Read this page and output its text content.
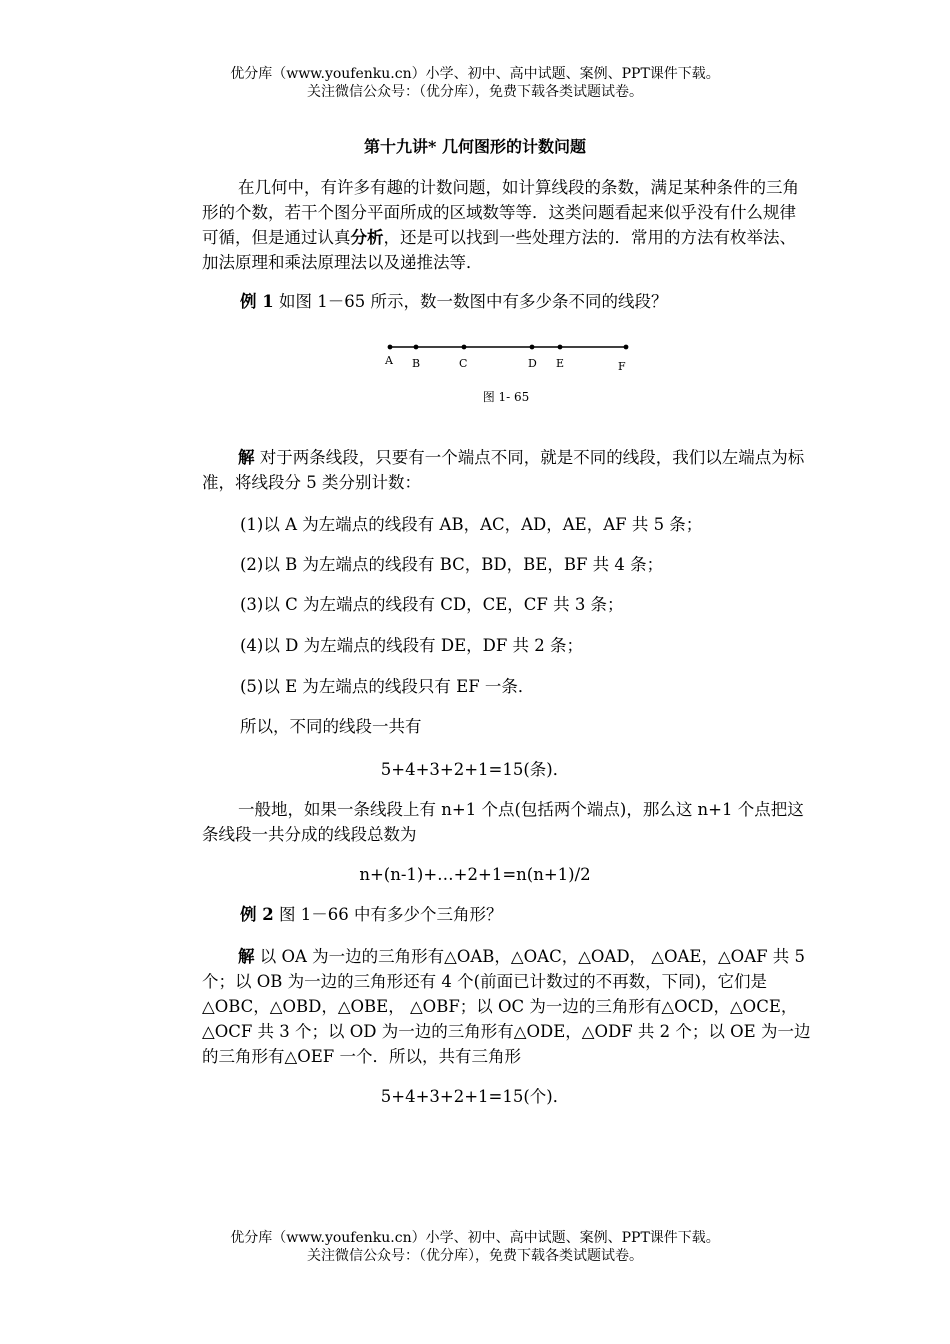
优分库（www.youfenku.cn）小学、初中、高中试题、案例、PPT课件下载。
关注微信公众号：（优分库），免费下载各类试题试卷。
第十九讲* 几何图形的计数问题
在几何中，有许多有趣的计数问题，如计算线段的条数，满足某种条件的三角形的个数，若干个图分平面所成的区域数等等．这类问题看起来似乎没有什么规律可循，但是通过认真分析，还是可以找到一些处理方法的．常用的方法有枚举法、加法原理和乘法原理法以及递推法等．
例 1 如图 1－65 所示，数一数图中有多少条不同的线段？
A B	C	D E	F
图 1- 65
解 对于两条线段，只要有一个端点不同，就是不同的线段，我们以左端点为标准，将线段分 5 类分别计数：
(1)以 A 为左端点的线段有 AB，AC，AD，AE，AF 共 5 条；
(2)以 B 为左端点的线段有 BC，BD，BE，BF 共 4 条；
(3)以 C 为左端点的线段有 CD，CE，CF 共 3 条；
(4)以 D 为左端点的线段有 DE，DF 共 2 条；
(5)以 E 为左端点的线段只有 EF 一条．
所以，不同的线段一共有
5+4+3+2+1=15(条)．
一般地，如果一条线段上有 n+1 个点(包括两个端点)，那么这 n+1 个点把这条线段一共分成的线段总数为
n+(n-1)+…+2+1=n(n+1)/2
例 2 图 1－66 中有多少个三角形？
解 以 OA 为一边的三角形有△OAB，△OAC，△OAD， △OAE，△OAF 共 5 个；以 OB 为一边的三角形还有 4 个(前面已计数过的不再数，下同)，它们是△OBC，△OBD，△OBE， △OBF；以 OC 为一边的三角形有△OCD，△OCE，△OCF 共 3 个；以 OD 为一边的三角形有△ODE，△ODF 共 2 个；以 OE 为一边的三角形有△OEF 一个．所以，共有三角形
5+4+3+2+1=15(个)．
优分库（www.youfenku.cn）小学、初中、高中试题、案例、PPT课件下载。
关注微信公众号：（优分库），免费下载各类试题试卷。
